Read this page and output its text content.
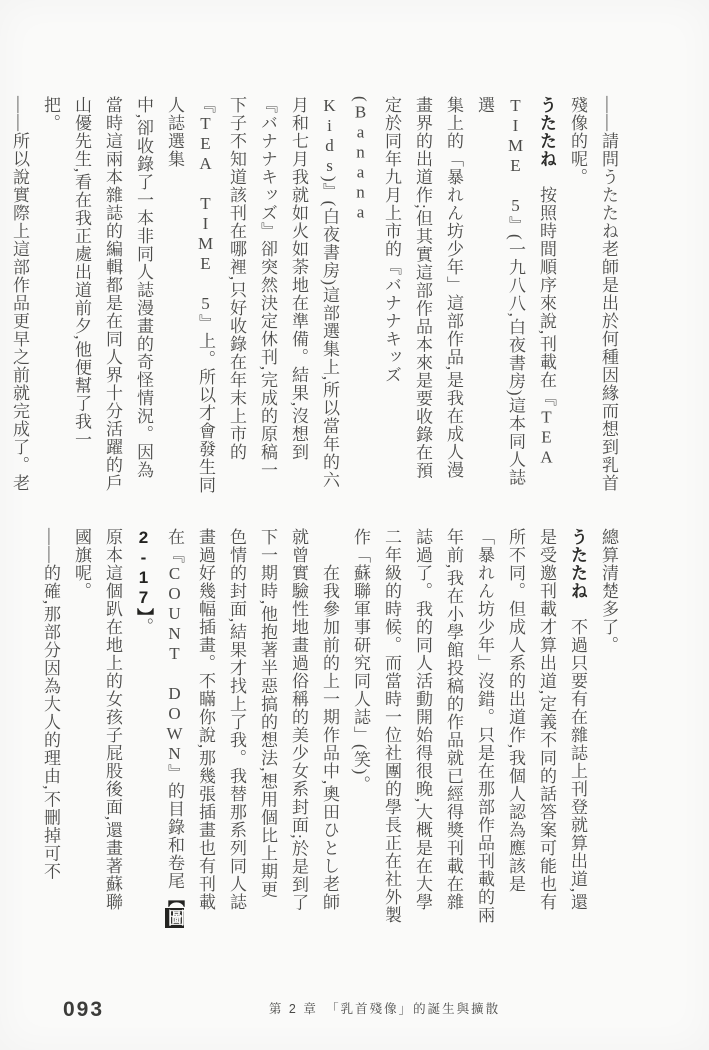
——請問うたたね老師是出於何種因緣而想到乳首
殘像的呢。
うたたね　按照時間順序來說,刊載在『TEA
TIME 5』(一九八八,白夜書房)這本同人誌選
集上的「暴れん坊少年」這部作品,是我在成人漫
畫界的出道作;但其實這部作品本來是要收錄在預
定於同年九月上市的『バナナキッズ(Banana
Kids)』(白夜書房)這部選集上,所以當年的六
月和七月我就如火如荼地在準備。結果,沒想到
『バナナキッズ』卻突然決定休刊,完成的原稿一
下子不知道該刊在哪裡,只好收錄在年末上市的
『TEA TIME 5』上。所以才會發生同人誌選集
中,卻收錄了一本非同人誌漫畫的奇怪情況。因為
當時這兩本雜誌的編輯都是在同人界十分活躍的戶
山優先生,看在我正處出道前夕,他便幫了我一
把。
——所以說實際上這部作品更早之前就完成了。老
總算清楚多了。
うたたね　不過只要有在雜誌上刊登就算出道,還
是受邀刊載才算出道,定義不同的話答案可能也有
所不同。但成人系的出道作,我個人認為應該是
「暴れん坊少年」沒錯。只是在那部作品刊載的兩
年前,我在小學館投稿的作品就已經得獎刊載在雜
誌過了。我的同人活動開始得很晚,大概是在大學
二年級的時候。而當時一位社團的學長正在社外製
作「蘇聯軍事研究同人誌」(笑)。
　　在我參加前的上一期作品中,奧田ひとし老師
就曾實驗性地畫過俗稱的美少女系封面;於是到了
下一期時,他抱著半惡搞的想法,想用個比上期更
色情的封面,結果才找上了我。我替那系列同人誌
畫過好幾幅插畫。不瞞你說,那幾張插畫也有刊載
在『COUNT DOWN』的目錄和卷尾【圖2-17】。
原本這個趴在地上的女孩子屁股後面,還畫著蘇聯
國旗呢。
——的確,那部分因為大人的理由,不刪掉可不
093	第 2 章　「乳首殘像」的誕生與擴散
